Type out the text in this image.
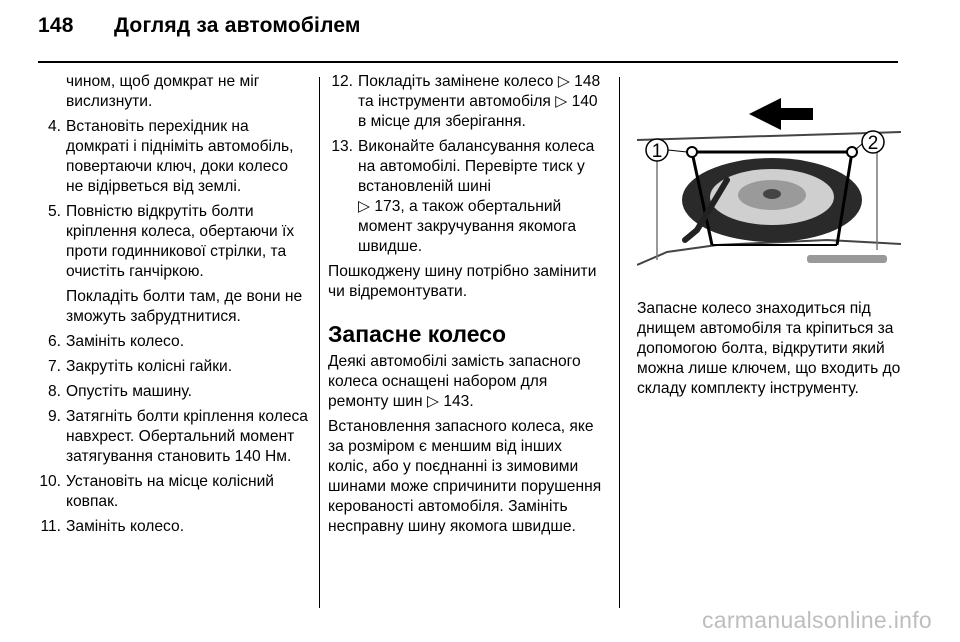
148 Догляд за автомобілем
чином, щоб домкрат не міг вислизнути.
4. Встановіть перехідник на домкраті і підніміть автомобіль, повертаючи ключ, доки колесо не відірветься від землі.
5. Повністю відкрутіть болти кріплення колеса, обертаючи їх проти годинникової стрілки, та очистіть ганчіркою.
Покладіть болти там, де вони не зможуть забрудтнитися.
6. Замініть колесо.
7. Закрутіть колісні гайки.
8. Опустіть машину.
9. Затягніть болти кріплення колеса навхрест. Обертальний момент затягування становить 140 Нм.
10. Установіть на місце колісний ковпак.
11. Замініть колесо.
12. Покладіть замінене колесо ▷ 148 та інструменти автомобіля ▷ 140 в місце для зберігання.
13. Виконайте балансування колеса на автомобілі. Перевірте тиск у встановленій шині
▷ 173, а також обертальний момент закручування якомога швидше.
Пошкоджену шину потрібно замінити чи відремонтувати.
Запасне колесо
Деякі автомобілі замість запасного колеса оснащені набором для ремонту шин ▷ 143.
Встановлення запасного колеса, яке за розміром є меншим від інших коліс, або у поєднанні із зимовими шинами може спричинити порушення керованості автомобіля. Замініть несправну шину якомога швидше.
1	2
Запасне колесо знаходиться під днищем автомобіля та кріпиться за допомогою болта, відкрутити який можна лише ключем, що входить до складу комплекту інструменту.
carmanualsonline.info
